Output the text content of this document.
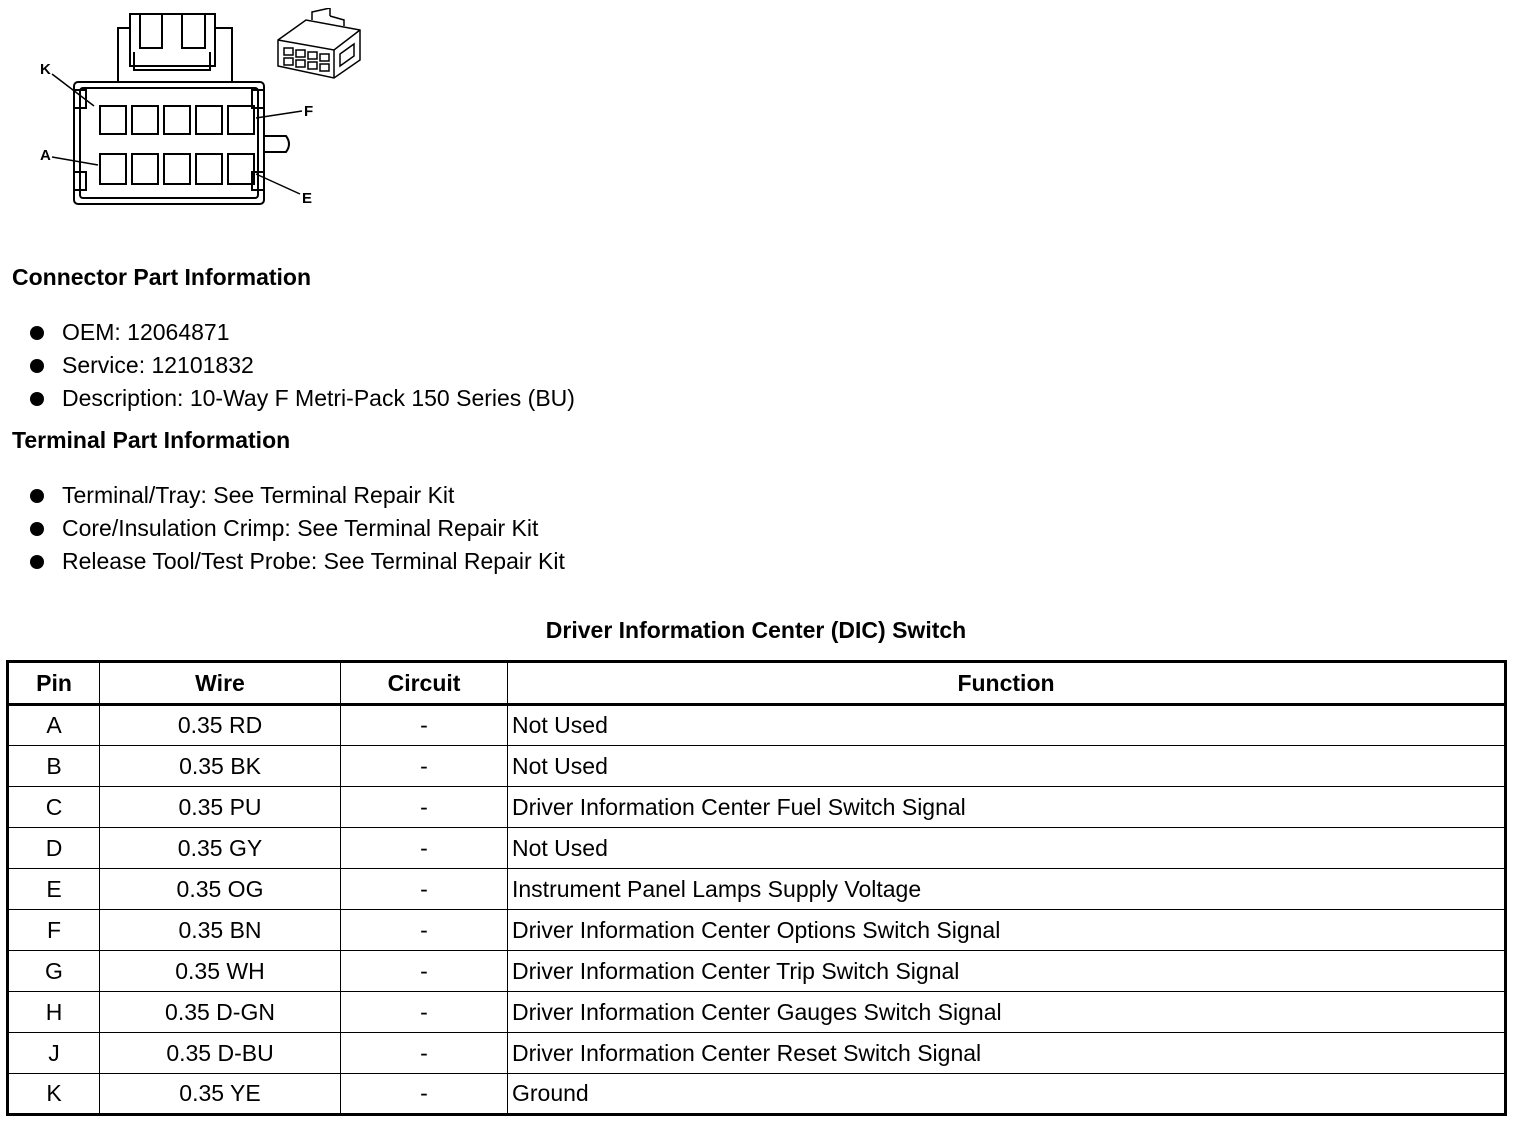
K
F
A
E
Connector Part Information
OEM: 12064871
Service: 12101832
Description: 10-Way F Metri-Pack 150 Series (BU)
Terminal Part Information
Terminal/Tray: See Terminal Repair Kit
Core/Insulation Crimp: See Terminal Repair Kit
Release Tool/Test Probe: See Terminal Repair Kit
Driver Information Center (DIC) Switch
Pin	Wire	Circuit	Function
A	0.35 RD	-	Not Used
B	0.35 BK	-	Not Used
C	0.35 PU	-	Driver Information Center Fuel Switch Signal
D	0.35 GY	-	Not Used
E	0.35 OG	-	Instrument Panel Lamps Supply Voltage
F	0.35 BN	-	Driver Information Center Options Switch Signal
G	0.35 WH	-	Driver Information Center Trip Switch Signal
H	0.35 D-GN	-	Driver Information Center Gauges Switch Signal
J	0.35 D-BU	-	Driver Information Center Reset Switch Signal
K	0.35 YE	-	Ground
